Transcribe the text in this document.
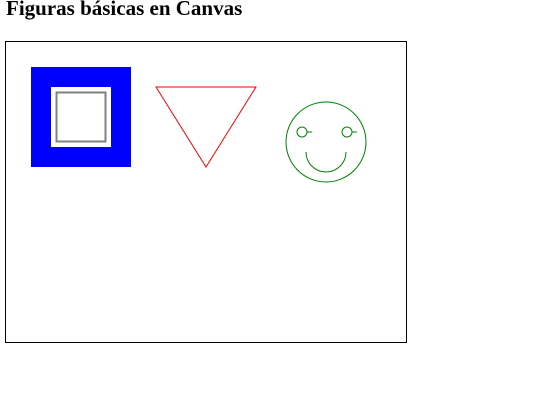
Figuras básicas en Canvas
